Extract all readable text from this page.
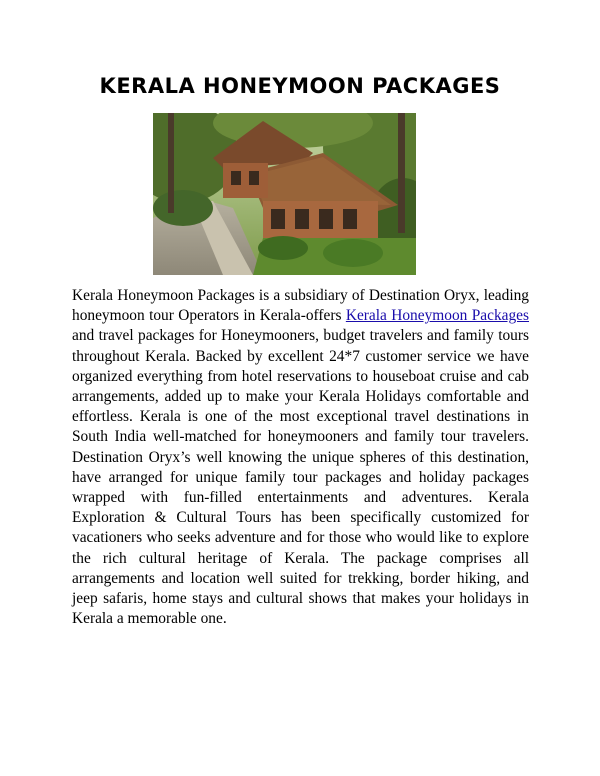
KERALA HONEYMOON PACKAGES

Kerala Honeymoon Packages is a subsidiary of Destination Oryx, leading honeymoon tour Operators in Kerala-offers Kerala Honeymoon Packages and travel packages for Honeymooners, budget travelers and family tours throughout Kerala. Backed by excellent 24*7 customer service we have organized everything from hotel reservations to houseboat cruise and cab arrangements, added up to make your Kerala Holidays comfortable and effortless. Kerala is one of the most exceptional travel destinations in South India well-matched for honeymooners and family tour travelers. Destination Oryx’s well knowing the unique spheres of this destination, have arranged for unique family tour packages and holiday packages wrapped with fun-filled entertainments and adventures. Kerala Exploration & Cultural Tours has been specifically customized for vacationers who seeks adventure and for those who would like to explore the rich cultural heritage of Kerala. The package comprises all arrangements and location well suited for trekking, border hiking, and jeep safaris, home stays and cultural shows that makes your holidays in Kerala a memorable one.
